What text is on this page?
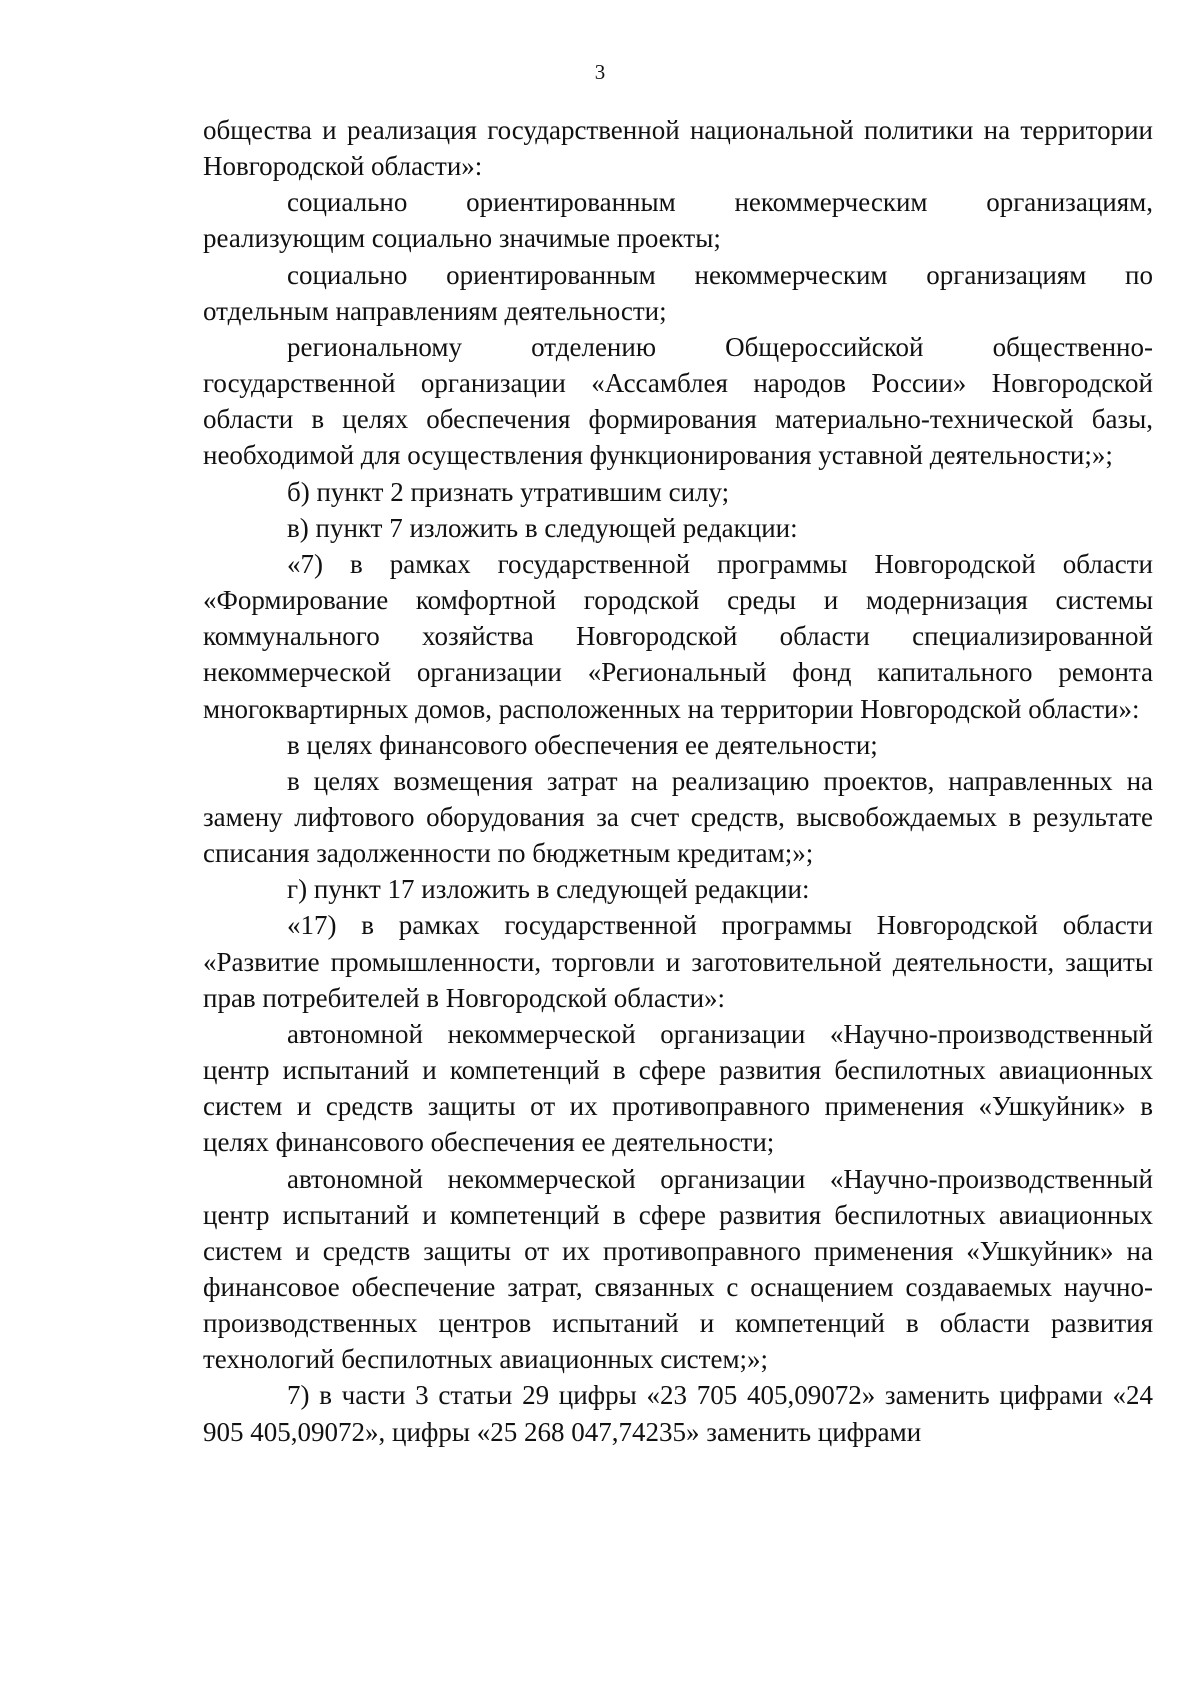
3

общества и реализация государственной национальной политики на территории Новгородской области»:

социально ориентированным некоммерческим организациям, реализующим социально значимые проекты;

социально ориентированным некоммерческим организациям по отдельным направлениям деятельности;

региональному отделению Общероссийской общественно-государственной организации «Ассамблея народов России» Новгородской области в целях обеспечения формирования материально-технической базы, необходимой для осуществления функционирования уставной деятельности;»;

б) пункт 2 признать утратившим силу;

в) пункт 7 изложить в следующей редакции:

«7) в рамках государственной программы Новгородской области «Формирование комфортной городской среды и модернизация системы коммунального хозяйства Новгородской области специализированной некоммерческой организации «Региональный фонд капитального ремонта многоквартирных домов, расположенных на территории Новгородской области»:

в целях финансового обеспечения ее деятельности;

в целях возмещения затрат на реализацию проектов, направленных на замену лифтового оборудования за счет средств, высвобождаемых в результате списания задолженности по бюджетным кредитам;»;

г) пункт 17 изложить в следующей редакции:

«17) в рамках государственной программы Новгородской области «Развитие промышленности, торговли и заготовительной деятельности, защиты прав потребителей в Новгородской области»:

автономной некоммерческой организации «Научно-производственный центр испытаний и компетенций в сфере развития беспилотных авиационных систем и средств защиты от их противоправного применения «Ушкуйник» в целях финансового обеспечения ее деятельности;

автономной некоммерческой организации «Научно-производственный центр испытаний и компетенций в сфере развития беспилотных авиационных систем и средств защиты от их противоправного применения «Ушкуйник» на финансовое обеспечение затрат, связанных с оснащением создаваемых научно-производственных центров испытаний и компетенций в области развития технологий беспилотных авиационных систем;»;

7) в части 3 статьи 29 цифры «23 705 405,09072» заменить цифрами «24 905 405,09072», цифры «25 268 047,74235» заменить цифрами
